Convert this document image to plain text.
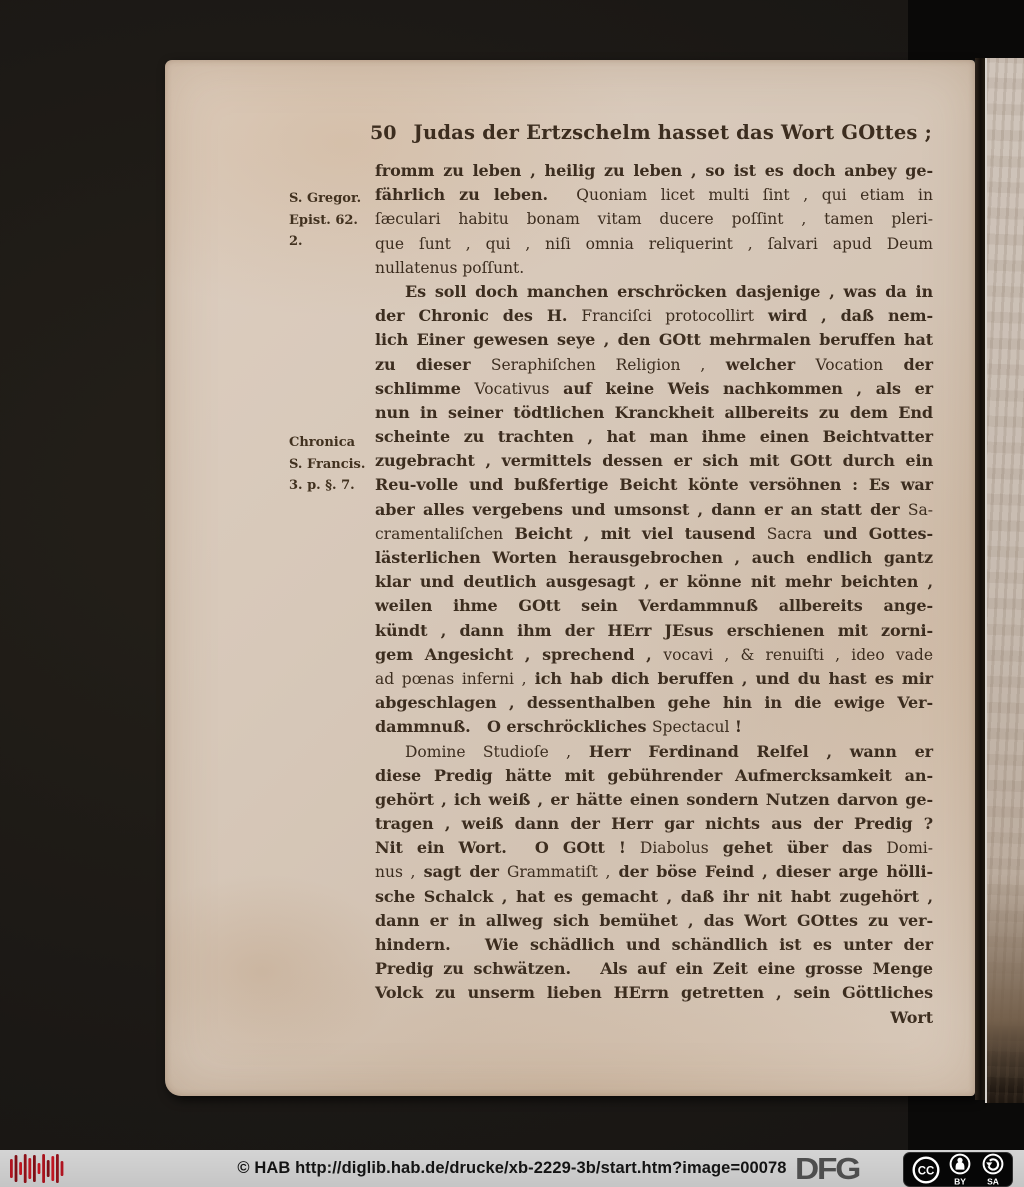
50 Judas der Ertzschelm hasset das Wort GOttes ;
S. Gregor.
Epist. 62.
2.
Chronica
S. Francis.
3. p. §. 7.
fromm zu leben , heilig zu leben , so ist es doch anbey ge-
fährlich zu leben.  Quoniam licet multi ſint , qui etiam in
ſæculari habitu bonam vitam ducere poſſint , tamen pleri-
que ſunt , qui , niſi omnia reliquerint , ſalvari apud Deum
nullatenus poſſunt.
Es soll doch manchen erschröcken dasjenige , was da in
der Chronic des H. Franciſci protocollirt wird , daß nem-
lich Einer gewesen seye , den GOtt mehrmalen beruffen hat
zu dieser Seraphiſchen Religion , welcher Vocation der
schlimme Vocativus auf keine Weis nachkommen , als er
nun in seiner tödtlichen Kranckheit allbereits zu dem End
scheinte zu trachten , hat man ihme einen Beichtvatter
zugebracht , vermittels dessen er sich mit GOtt durch ein
Reu-volle und bußfertige Beicht könte versöhnen : Es war
aber alles vergebens und umsonst , dann er an statt der Sa-
cramentaliſchen Beicht , mit viel tausend Sacra und Gottes-
lästerlichen Worten herausgebrochen , auch endlich gantz
klar und deutlich ausgesagt , er könne nit mehr beichten ,
weilen ihme GOtt sein Verdammnuß allbereits ange-
kündt , dann ihm der HErr JEsus erschienen mit zorni-
gem Angesicht , sprechend , vocavi , & renuiſti , ideo vade
ad pœnas inferni , ich hab dich beruffen , und du hast es mir
abgeschlagen , dessenthalben gehe hin in die ewige Ver-
dammnuß.   O erschröckliches Spectacul !
Domine Studioſe , Herr Ferdinand Relfel , wann er
diese Predig hätte mit gebührender Aufmercksamkeit an-
gehört , ich weiß , er hätte einen sondern Nutzen darvon ge-
tragen , weiß dann der Herr gar nichts aus der Predig ?
Nit ein Wort.  O GOtt ! Diabolus gehet über das Domi-
nus , sagt der Grammatiſt , der böse Feind , dieser arge hölli-
sche Schalck , hat es gemacht , daß ihr nit habt zugehört ,
dann er in allweg sich bemühet , das Wort GOttes zu ver-
hindern.   Wie schädlich und schändlich ist es unter der
Predig zu schwätzen.   Als auf ein Zeit eine grosse Menge
Volck zu unserm lieben HErrn getretten , sein Göttliches
Wort
© HAB http://diglib.hab.de/drucke/xb-2229-3b/start.htm?image=00078 DFG	CC
BY SA
